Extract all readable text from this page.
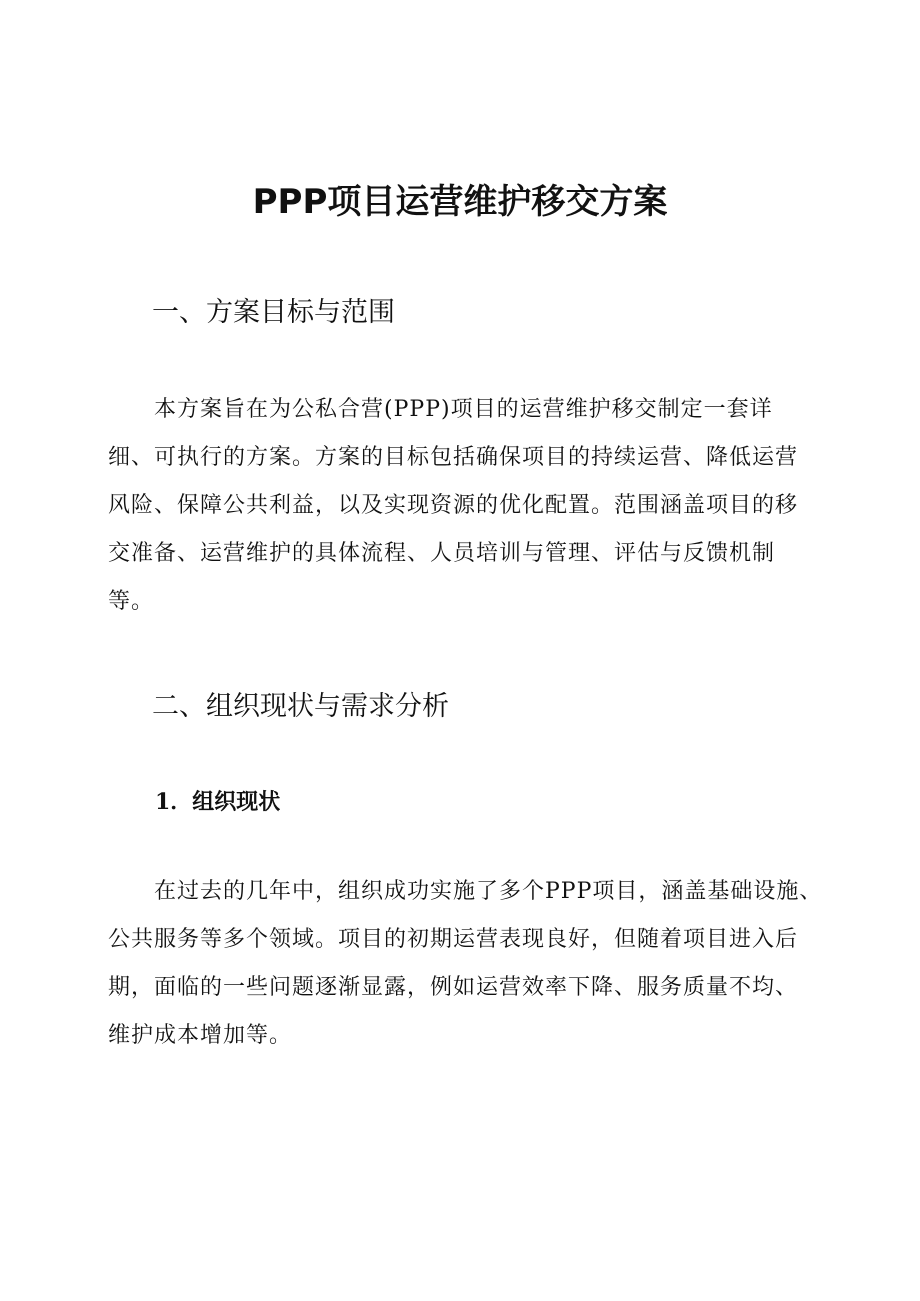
PPP项目运营维护移交方案
一、方案目标与范围
本方案旨在为公私合营(PPP)项目的运营维护移交制定一套详
细、可执行的方案。方案的目标包括确保项目的持续运营、降低运营
风险、保障公共利益，以及实现资源的优化配置。范围涵盖项目的移
交准备、运营维护的具体流程、人员培训与管理、评估与反馈机制
等。
二、组织现状与需求分析
1．组织现状
在过去的几年中，组织成功实施了多个PPP项目，涵盖基础设施、
公共服务等多个领域。项目的初期运营表现良好，但随着项目进入后
期，面临的一些问题逐渐显露，例如运营效率下降、服务质量不均、
维护成本增加等。
